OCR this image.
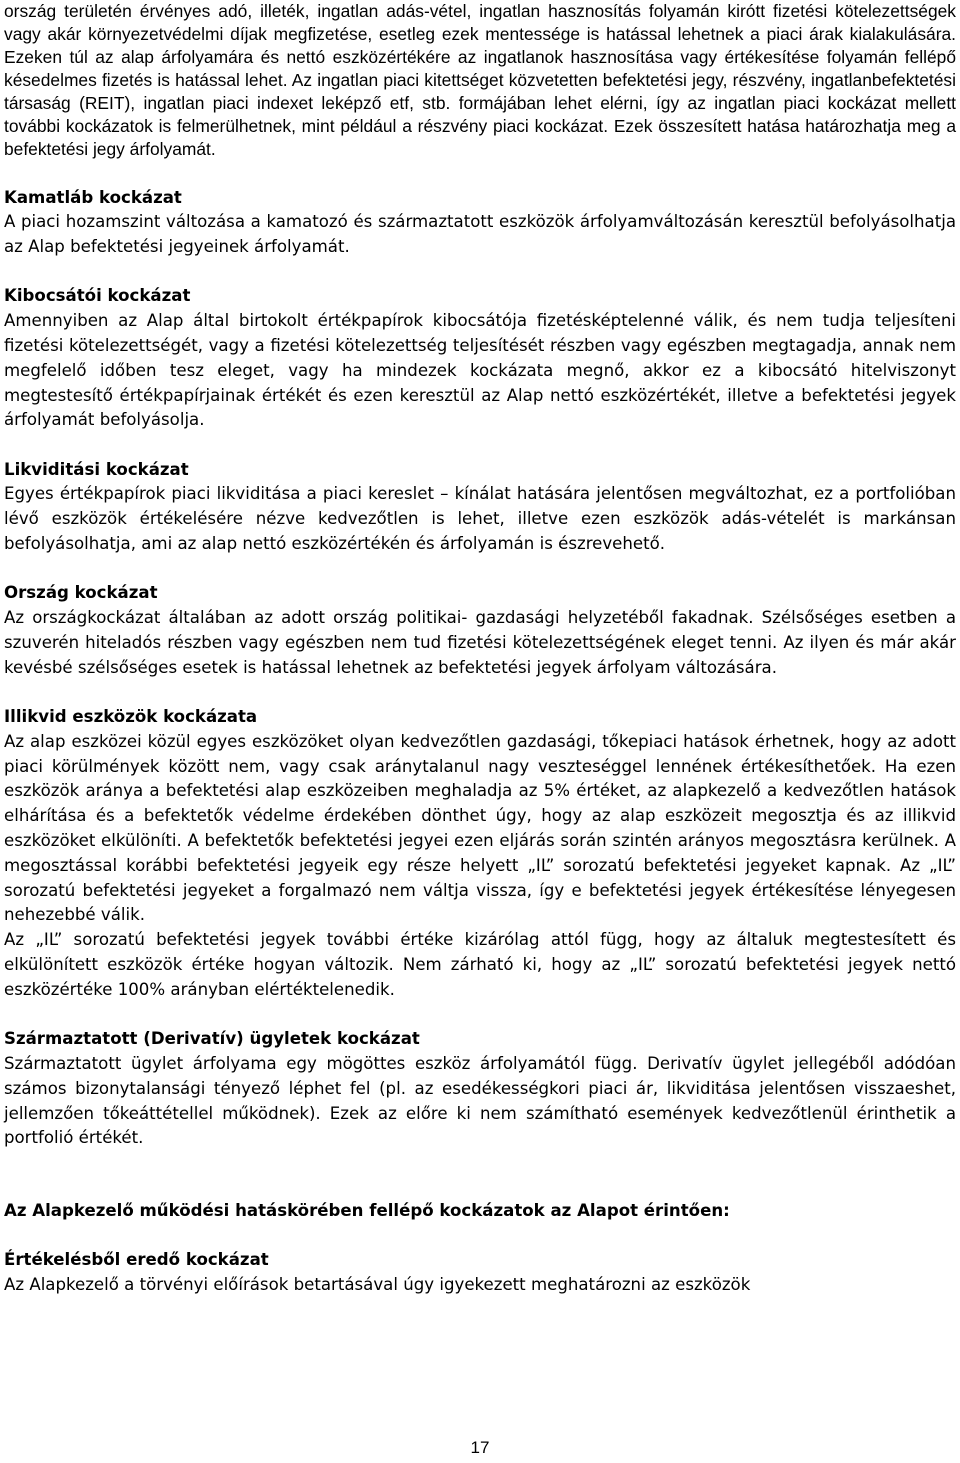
ország területén érvényes adó, illeték, ingatlan adás-vétel, ingatlan hasznosítás folyamán kirótt fizetési kötelezettségek vagy akár környezetvédelmi díjak megfizetése, esetleg ezek mentessége is hatással lehetnek a piaci árak kialakulására. Ezeken túl az alap árfolyamára és nettó eszközértékére az ingatlanok hasznosítása vagy értékesítése folyamán fellépő késedelmes fizetés is hatással lehet. Az ingatlan piaci kitettséget közvetetten befektetési jegy, részvény, ingatlanbefektetési társaság (REIT), ingatlan piaci indexet leképző etf, stb. formájában lehet elérni, így az ingatlan piaci kockázat mellett további kockázatok is felmerülhetnek, mint például a részvény piaci kockázat. Ezek összesített hatása határozhatja meg a befektetési jegy árfolyamát.

Kamatláb kockázat

A piaci hozamszint változása a kamatozó és származtatott eszközök árfolyamváltozásán keresztül befolyásolhatja az Alap befektetési jegyeinek árfolyamát.

Kibocsátói kockázat

Amennyiben az Alap által birtokolt értékpapírok kibocsátója fizetésképtelenné válik, és nem tudja teljesíteni fizetési kötelezettségét, vagy a fizetési kötelezettség teljesítését részben vagy egészben megtagadja, annak nem megfelelő időben tesz eleget, vagy ha mindezek kockázata megnő, akkor ez a kibocsátó hitelviszonyt megtestesítő értékpapírjainak értékét és ezen keresztül az Alap nettó eszközértékét, illetve a befektetési jegyek árfolyamát befolyásolja.

Likviditási kockázat

Egyes értékpapírok piaci likviditása a piaci kereslet – kínálat hatására jelentősen megváltozhat, ez a portfolióban lévő eszközök értékelésére nézve kedvezőtlen is lehet, illetve ezen eszközök adás-vételét is markánsan befolyásolhatja, ami az alap nettó eszközértékén és árfolyamán is észrevehető.

Ország kockázat

Az országkockázat általában az adott ország politikai- gazdasági helyzetéből fakadnak. Szélsőséges esetben a szuverén hiteladós részben vagy egészben nem tud fizetési kötelezettségének eleget tenni. Az ilyen és már akár kevésbé szélsőséges esetek is hatással lehetnek az befektetési jegyek árfolyam változására.

Illikvid eszközök kockázata

Az alap eszközei közül egyes eszközöket olyan kedvezőtlen gazdasági, tőkepiaci hatások érhetnek, hogy az adott piaci körülmények között nem, vagy csak aránytalanul nagy veszteséggel lennének értékesíthetőek. Ha ezen eszközök aránya a befektetési alap eszközeiben meghaladja az 5% értéket, az alapkezelő a kedvezőtlen hatások elhárítása és a befektetők védelme érdekében dönthet úgy, hogy az alap eszközeit megosztja és az illikvid eszközöket elkülöníti. A befektetők befektetési jegyei ezen eljárás során szintén arányos megosztásra kerülnek. A megosztással korábbi befektetési jegyeik egy része helyett „IL” sorozatú befektetési jegyeket kapnak. Az „IL” sorozatú befektetési jegyeket a forgalmazó nem váltja vissza, így e befektetési jegyek értékesítése lényegesen nehezebbé válik.

Az „IL” sorozatú befektetési jegyek további értéke kizárólag attól függ, hogy az általuk megtestesített és elkülönített eszközök értéke hogyan változik. Nem zárható ki, hogy az „IL” sorozatú befektetési jegyek nettó eszközértéke 100% arányban elértéktelenedik.

Származtatott (Derivatív) ügyletek kockázat

Származtatott ügylet árfolyama egy mögöttes eszköz árfolyamától függ. Derivatív ügylet jellegéből adódóan számos bizonytalansági tényező léphet fel (pl. az esedékességkori piaci ár, likviditása jelentősen visszaeshet, jellemzően tőkeáttétellel működnek). Ezek az előre ki nem számítható események kedvezőtlenül érinthetik a portfolió értékét.

Az Alapkezelő működési hatáskörében fellépő kockázatok az Alapot érintően:
Értékelésből eredő kockázat

Az Alapkezelő a törvényi előírások betartásával úgy igyekezett meghatározni az eszközök

17
